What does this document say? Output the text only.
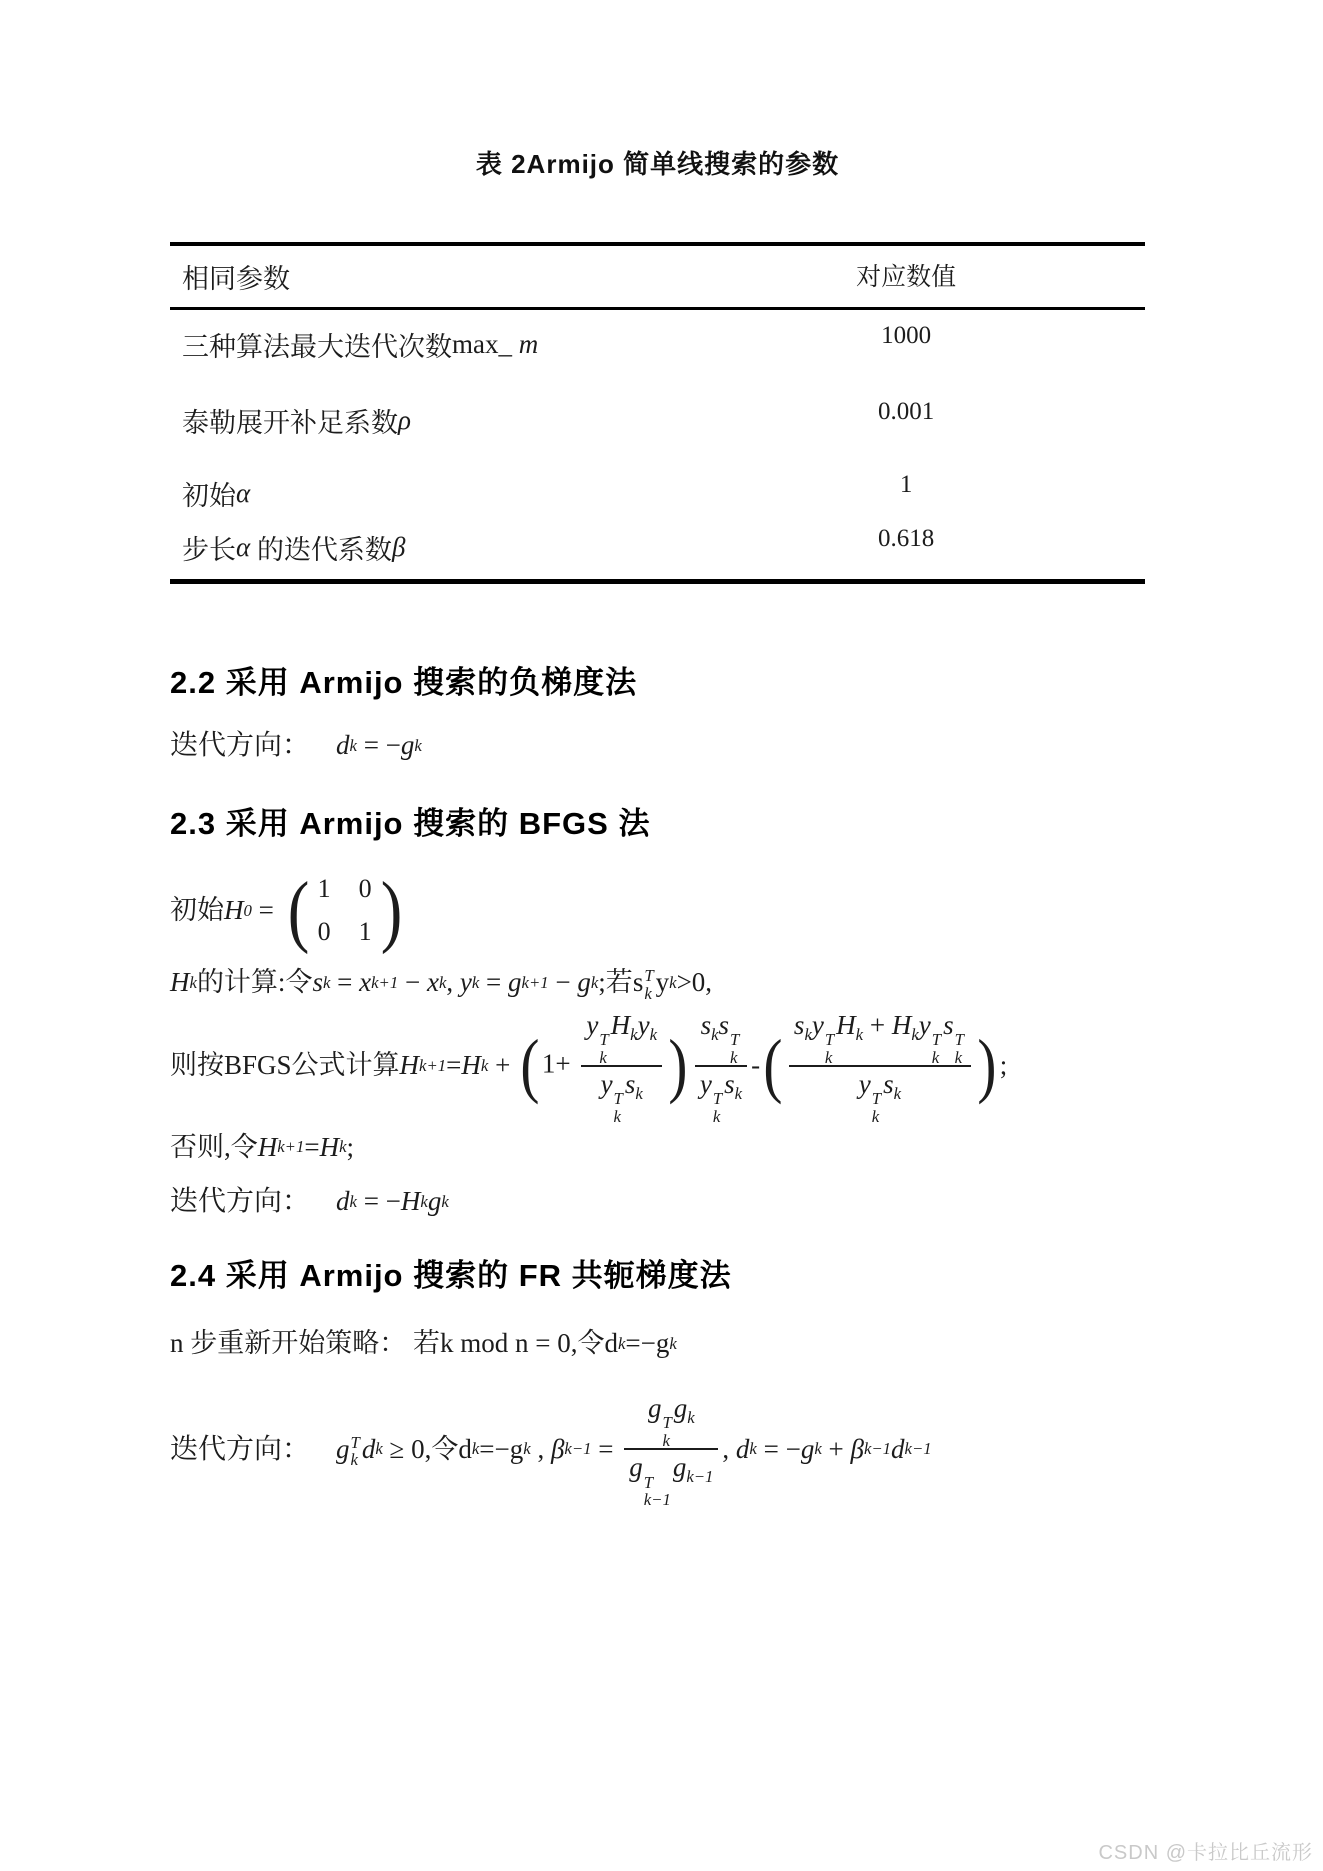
表 2Armijo 简单线搜索的参数
相同参数	对应数值
三种算法最大迭代次数 max_ m	1000
泰勒展开补足系数 ρ	0.001
初始 α	1
步长 α 的迭代系数 β	0.618
2.2 采用 Armijo 搜索的负梯度法
迭代方向： d k = − g k
2.3 采用 Armijo 搜索的 BFGS 法
初始 H 0 = ( 1 0
0 1 )
H k 的计算:令 s k = x k+1 − x k , y k = g k+1 − g k ;若 s T
k y k >0,
则按BFGS公式计算 H k+1 = H k + ( 1+ y T
k
$H_ky_k$
y T
k
$s_k$ ) $s_ks$ T
k
y T
k
$s_k$ - ( $s_ky$ T
k
$H_k + H_ky$ T
k
s T
k
y T
k
$s_k$ ) ;
否则,令 H k+1 = H k ;
迭代方向： d k = − H k g k
2.4 采用 Armijo 搜索的 FR 共轭梯度法
n 步重新开始策略： 若k mod n = 0,令d k =−g k
迭代方向： g T
k d k ≥ 0,令d k =−g k , β k−1 = g T
k
$g_k$
g T
k−1
$g_{k-1}$ , d k = − g k + β k−1 d k−1
CSDN @卡拉比丘流形
